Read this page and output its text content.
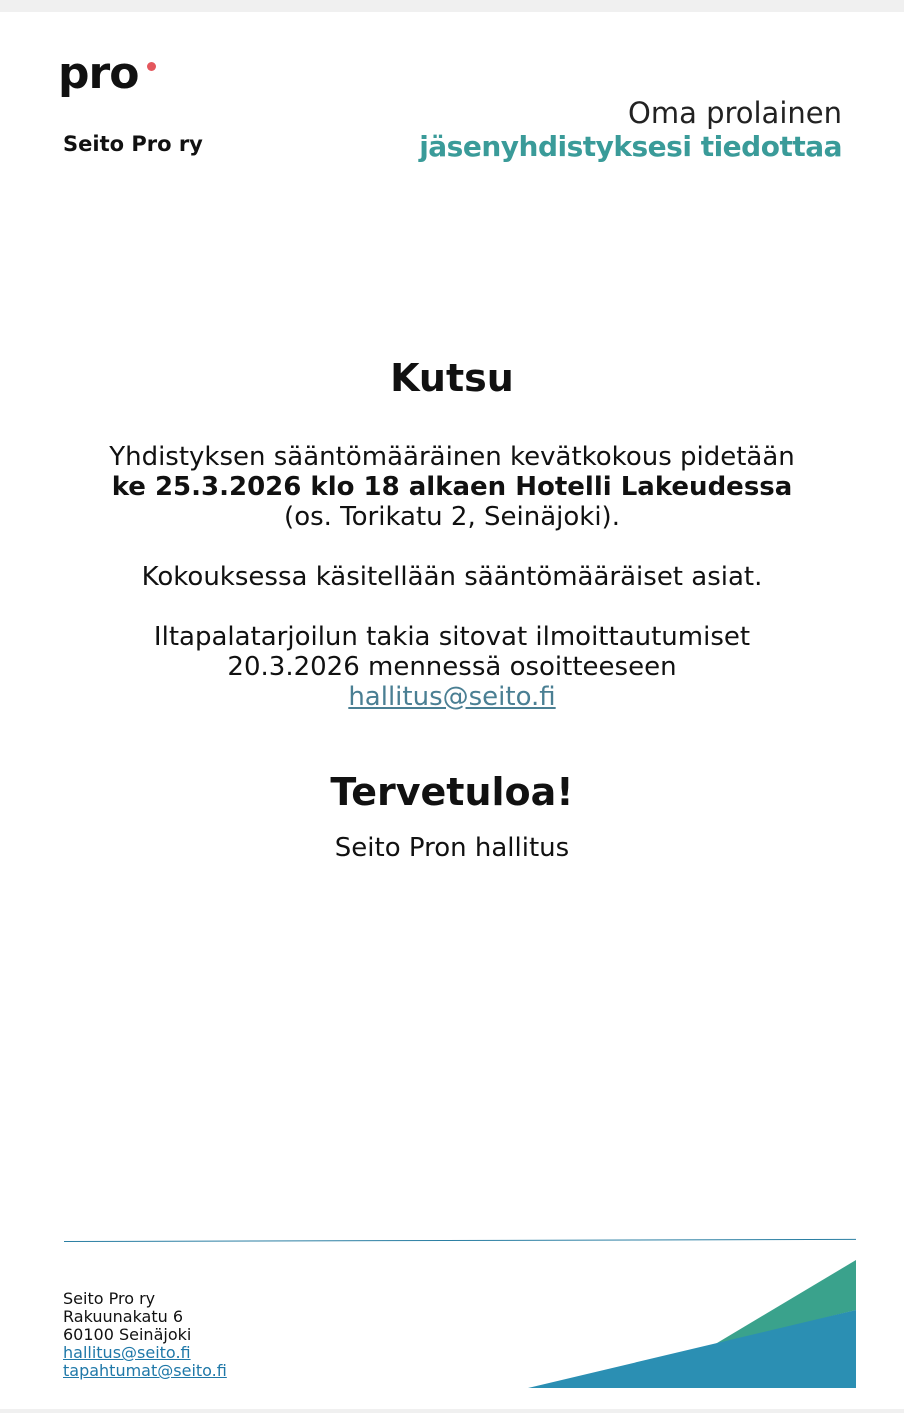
pro
Seito Pro ry
Oma prolainen
jäsenyhdistyksesi tiedottaa
Kutsu

Yhdistyksen sääntömääräinen kevätkokous pidetään

ke 25.3.2026 klo 18 alkaen Hotelli Lakeudessa

(os. Torikatu 2, Seinäjoki).

Kokouksessa käsitellään sääntömääräiset asiat.

Iltapalatarjoilun takia sitovat ilmoittautumiset

20.3.2026 mennessä osoitteeseen

hallitus@seito.fi

Tervetuloa!

Seito Pron hallitus

Seito Pro ry
Rakuunakatu 6
60100 Seinäjoki
hallitus@seito.fi
tapahtumat@seito.fi
